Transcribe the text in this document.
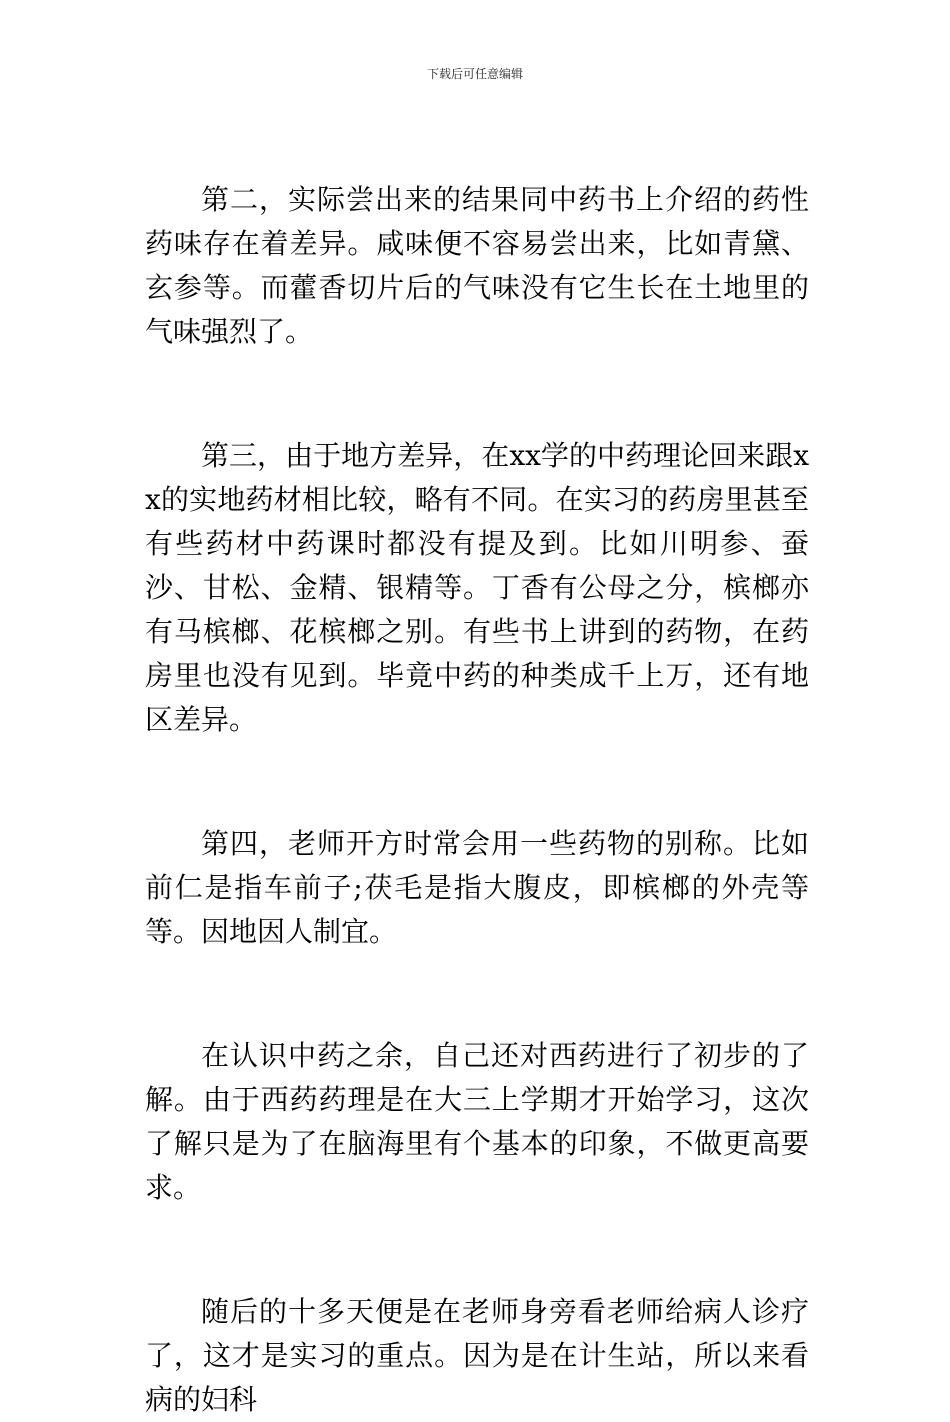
下载后可任意编辑

第二，实际尝出来的结果同中药书上介绍的药性药味存在着差异。咸味便不容易尝出来，比如青黛、玄参等。而藿香切片后的气味没有它生长在土地里的气味强烈了。

第三，由于地方差异，在xx学的中药理论回来跟xx的实地药材相比较，略有不同。在实习的药房里甚至有些药材中药课时都没有提及到。比如川明参、蚕沙、甘松、金精、银精等。丁香有公母之分，槟榔亦有马槟榔、花槟榔之别。有些书上讲到的药物，在药房里也没有见到。毕竟中药的种类成千上万，还有地区差异。

第四，老师开方时常会用一些药物的别称。比如前仁是指车前子;茯毛是指大腹皮，即槟榔的外壳等等。因地因人制宜。

在认识中药之余，自己还对西药进行了初步的了解。由于西药药理是在大三上学期才开始学习，这次了解只是为了在脑海里有个基本的印象，不做更高要求。

随后的十多天便是在老师身旁看老师给病人诊疗了，这才是实习的重点。因为是在计生站，所以来看病的妇科
